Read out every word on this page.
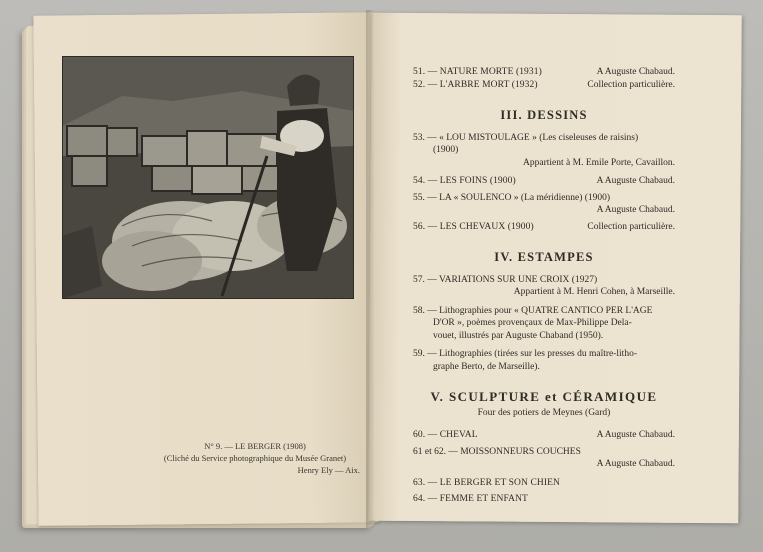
N° 9. — LE BERGER (1908)
(Cliché du Service photographique du Musée Granet)
Henry Ely — Aix.
51. — NATURE MORTE (1931)	A Auguste Chabaud.
52. — L'ARBRE MORT (1932)	Collection particulière.
III. DESSINS
53. — « LOU MISTOULAGE » (Les ciseleuses de raisins)
(1900)
Appartient à M. Emile Porte, Cavaillon.
54. — LES FOINS (1900)	A Auguste Chabaud.
55. — LA « SOULENCO » (La méridienne) (1900)
A Auguste Chabaud.
56. — LES CHEVAUX (1900)	Collection particulière.
IV. ESTAMPES
57. — VARIATIONS SUR UNE CROIX (1927)
Appartient à M. Henri Cohen, à Marseille.
58. — Lithographies pour « QUATRE CANTICO PER L'AGE
D'OR », poèmes provençaux de Max-Philippe Dela-
vouet, illustrés par Auguste Chaband (1950).
59. — Lithographies (tirées sur les presses du maître-litho-
graphe Berto, de Marseille).
V. SCULPTURE et CÉRAMIQUE
Four des potiers de Meynes (Gard)
60. — CHEVAL	A Auguste Chabaud.
61 et 62. — MOISSONNEURS COUCHES
A Auguste Chabaud.
63. — LE BERGER ET SON CHIEN
64. — FEMME ET ENFANT
